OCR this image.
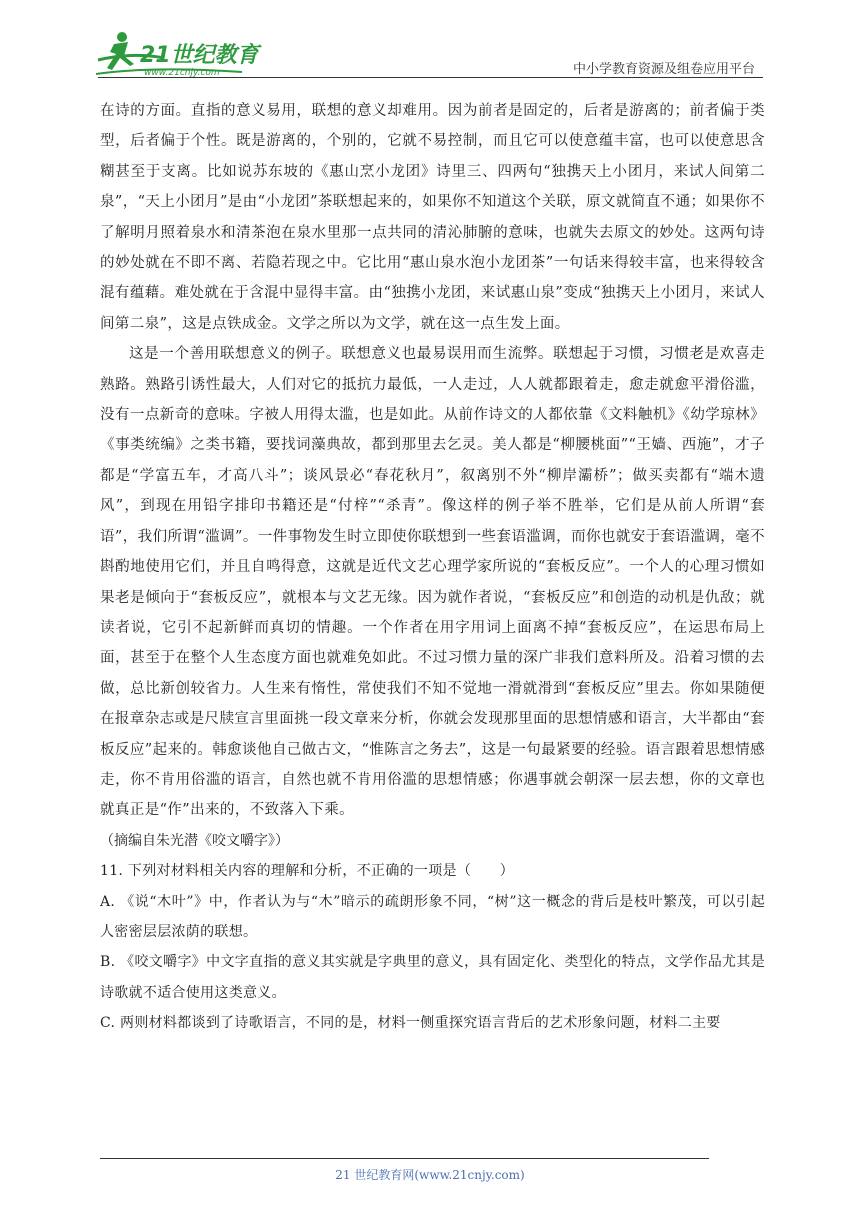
21世纪教育
www.21cnjy.com	中小学教育资源及组卷应用平台

在诗的方面。直指的意义易用，联想的意义却难用。因为前者是固定的，后者是游离的；前者偏于类型，后者偏于个性。既是游离的，个别的，它就不易控制，而且它可以使意蕴丰富，也可以使意思含糊甚至于支离。比如说苏东坡的《惠山烹小龙团》诗里三、四两句“独携天上小团月，来试人间第二泉”，“天上小团月”是由“小龙团”茶联想起来的，如果你不知道这个关联，原文就简直不通；如果你不了解明月照着泉水和清茶泡在泉水里那一点共同的清沁肺腑的意味，也就失去原文的妙处。这两句诗的妙处就在不即不离、若隐若现之中。它比用“惠山泉水泡小龙团茶”一句话来得较丰富，也来得较含混有蕴藉。难处就在于含混中显得丰富。由“独携小龙团，来试惠山泉”变成“独携天上小团月，来试人间第二泉”，这是点铁成金。文学之所以为文学，就在这一点生发上面。

这是一个善用联想意义的例子。联想意义也最易误用而生流弊。联想起于习惯，习惯老是欢喜走熟路。熟路引诱性最大，人们对它的抵抗力最低，一人走过，人人就都跟着走，愈走就愈平滑俗滥，没有一点新奇的意味。字被人用得太滥，也是如此。从前作诗文的人都依靠《文料触机》《幼学琼林》《事类统编》之类书籍，要找词藻典故，都到那里去乞灵。美人都是“柳腰桃面”“王嫱、西施”，才子都是“学富五车，才高八斗”；谈风景必“春花秋月”，叙离别不外“柳岸灞桥”；做买卖都有“端木遗风”，到现在用铅字排印书籍还是“付梓”“杀青”。像这样的例子举不胜举，它们是从前人所谓“套语”，我们所谓“滥调”。一件事物发生时立即使你联想到一些套语滥调，而你也就安于套语滥调，毫不斟酌地使用它们，并且自鸣得意，这就是近代文艺心理学家所说的“套板反应”。一个人的心理习惯如果老是倾向于“套板反应”，就根本与文艺无缘。因为就作者说，“套板反应”和创造的动机是仇敌；就读者说，它引不起新鲜而真切的情趣。一个作者在用字用词上面离不掉“套板反应”，在运思布局上面，甚至于在整个人生态度方面也就难免如此。不过习惯力量的深广非我们意料所及。沿着习惯的去做，总比新创较省力。人生来有惰性，常使我们不知不觉地一滑就滑到“套板反应”里去。你如果随便在报章杂志或是尺牍宣言里面挑一段文章来分析，你就会发现那里面的思想情感和语言，大半都由“套板反应”起来的。韩愈谈他自己做古文，“惟陈言之务去”，这是一句最紧要的经验。语言跟着思想情感走，你不肯用俗滥的语言，自然也就不肯用俗滥的思想情感；你遇事就会朝深一层去想，你的文章也就真正是“作”出来的，不致落入下乘。

（摘编自朱光潜《咬文嚼字》）

11. 下列对材料相关内容的理解和分析，不正确的一项是（　　）

A. 《说“木叶”》中，作者认为与“木”暗示的疏朗形象不同，“树”这一概念的背后是枝叶繁茂，可以引起人密密层层浓荫的联想。

B. 《咬文嚼字》中文字直指的意义其实就是字典里的意义，具有固定化、类型化的特点，文学作品尤其是诗歌就不适合使用这类意义。

C. 两则材料都谈到了诗歌语言，不同的是，材料一侧重探究语言背后的艺术形象问题，材料二主要

21 世纪教育网(www.21cnjy.com)
